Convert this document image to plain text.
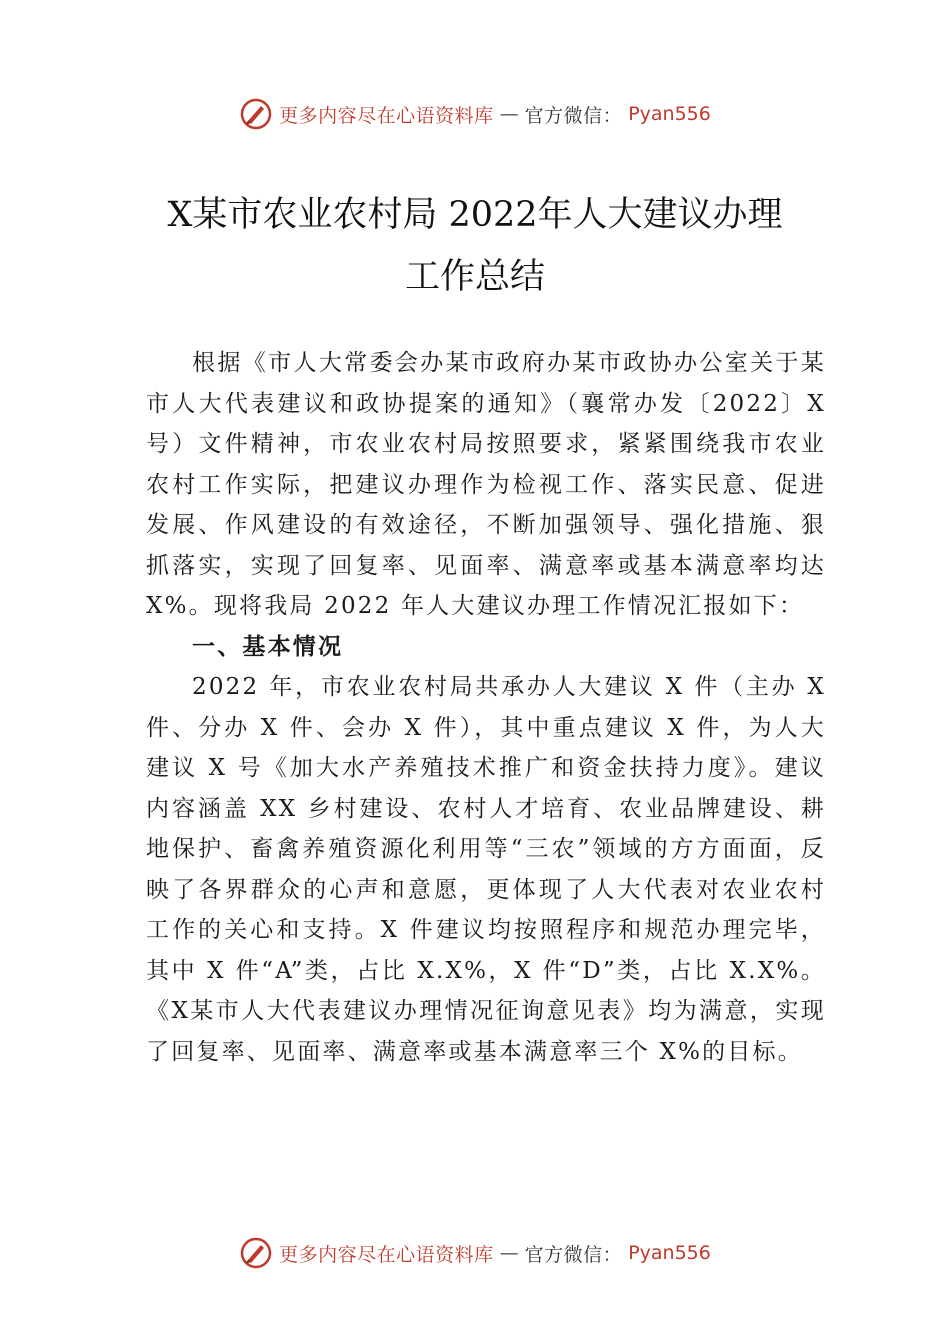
更多内容尽在心语资料库 — 官方微信： Pyan556
X某市农业农村局 2022年人大建议办理
工作总结

根据《市人大常委会办某市政府办某市政协办公室关于某市人大代表建议和政协提案的通知》（襄常办发〔2022〕X 号）文件精神，市农业农村局按照要求，紧紧围绕我市农业农村工作实际，把建议办理作为检视工作、落实民意、促进发展、作风建设的有效途径，不断加强领导、强化措施、狠抓落实，实现了回复率、见面率、满意率或基本满意率均达 X%。现将我局 2022 年人大建议办理工作情况汇报如下：

一、基本情况

2022 年，市农业农村局共承办人大建议 X 件（主办 X 件、分办 X 件、会办 X 件），其中重点建议 X 件，为人大建议 X 号《加大水产养殖技术推广和资金扶持力度》。建议内容涵盖 XX 乡村建设、农村人才培育、农业品牌建设、耕地保护、畜禽养殖资源化利用等“三农”领域的方方面面，反映了各界群众的心声和意愿，更体现了人大代表对农业农村工作的关心和支持。X 件建议均按照程序和规范办理完毕， 其中 X 件“A”类，占比 X.X%，X 件“D”类，占比 X.X%。《X某市人大代表建议办理情况征询意见表》均为满意，实现了回复率、见面率、满意率或基本满意率三个 X%的目标。

更多内容尽在心语资料库 — 官方微信： Pyan556
